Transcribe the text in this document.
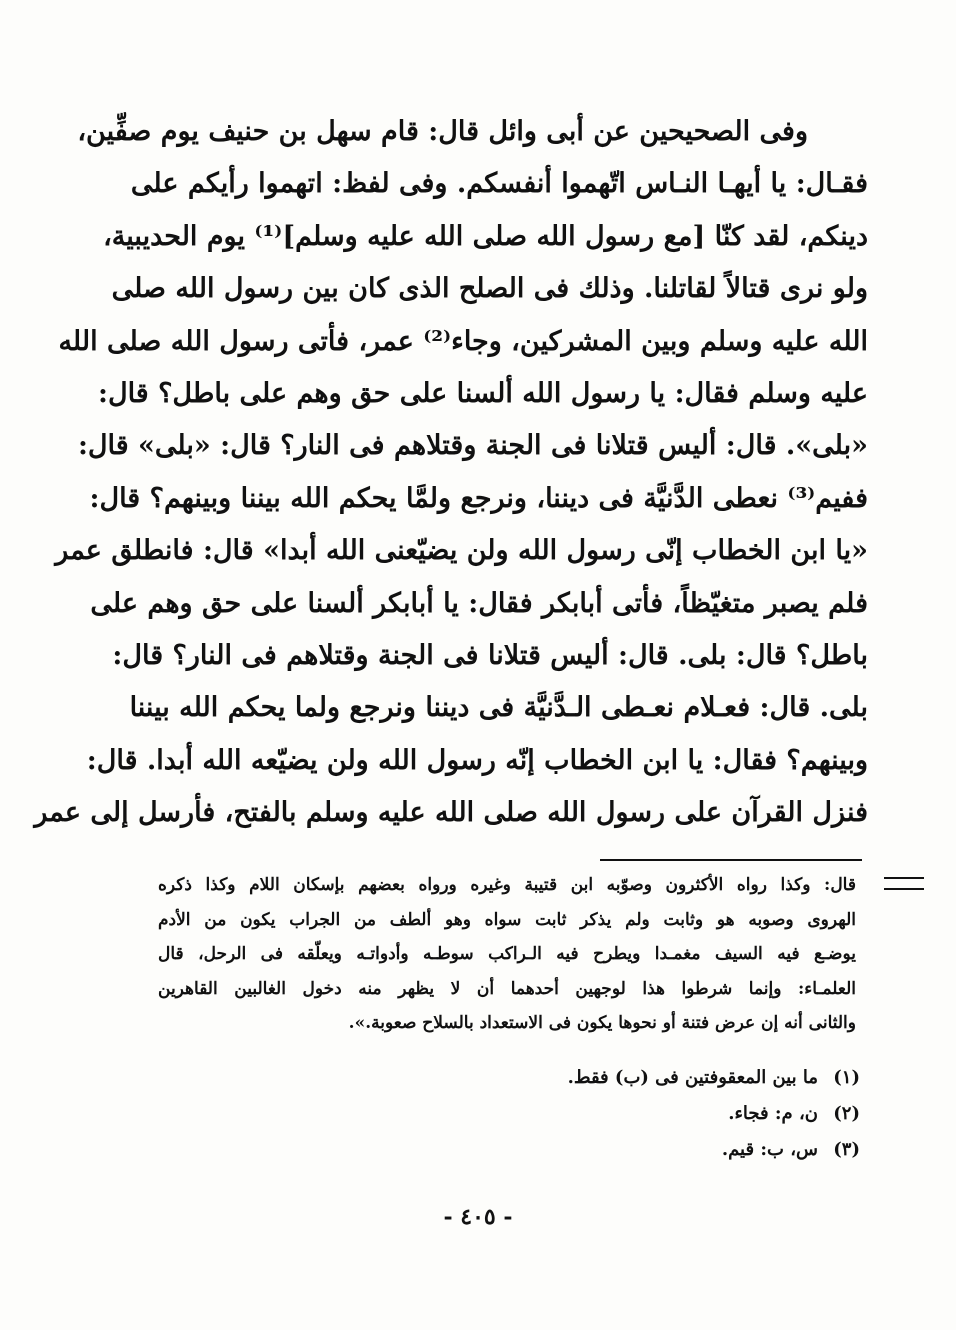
وفى الصحيحين عن أبى وائل قال: قام سهل بن حنيف يوم صفِّين،
فقـال: يا أيهـا النـاس اتّهموا أنفسكم. وفى لفظ: اتهموا رأيكم على
دينكم، لقد كنّا [مع رسول الله صلى الله عليه وسلم]⁽¹⁾ يوم الحديبية،
ولو نرى قتالاً لقاتلنا. وذلك فى الصلح الذى كان بين رسول الله صلى
الله عليه وسلم وبين المشركين، وجاء⁽²⁾ عمر، فأتى رسول الله صلى الله
عليه وسلم فقال: يا رسول الله ألسنا على حق وهم على باطل؟ قال:
«بلى». قال: أليس قتلانا فى الجنة وقتلاهم فى النار؟ قال: «بلى» قال:
ففيم⁽³⁾ نعطى الدَّنيَّة فى ديننا، ونرجع ولمَّا يحكم الله بيننا وبينهم؟ قال:
«يا ابن الخطاب إنّى رسول الله ولن يضيّعنى الله أبدا» قال: فانطلق عمر
فلم يصبر متغيّظاً، فأتى أبابكر فقال: يا أبابكر ألسنا على حق وهم على
باطل؟ قال: بلى. قال: أليس قتلانا فى الجنة وقتلاهم فى النار؟ قال:
بلى. قال: فعـلام نعـطى الـدَّنيَّة فى ديننا ونرجع ولما يحكم الله بيننا
وبينهم؟ فقال: يا ابن الخطاب إنّه رسول الله ولن يضيّعه الله أبدا. قال:
فنزل القرآن على رسول الله صلى الله عليه وسلم بالفتح، فأرسل إلى عمر
قال: وكذا رواه الأكثرون وصوّبه ابن قتيبة وغيره ورواه بعضهم بإسكان اللام وكذا ذكره
الهروى وصوبه هو وثابت ولم يذكر ثابت سواه وهو ألطف من الجراب يكون من الأدم
يوضـع فيه السيف مغمـدا ويطرح فيه الـراكب سوطـه وأدواتـه ويعلّقه فى الرحل، قال
العلمـاء: وإنما شرطوا هذا لوجهين أحدهما أن لا يظهر منه دخول الغالبين القاهرين
والثانى أنه إن عرض فتنة أو نحوها يكون فى الاستعداد بالسلاح صعوبة.».
(١)
ما بين المعقوفتين فى (ب) فقط.
(٢)
ن، م: فجاء.
(٣)
س، ب: قيم.
- ٤٠٥ -
